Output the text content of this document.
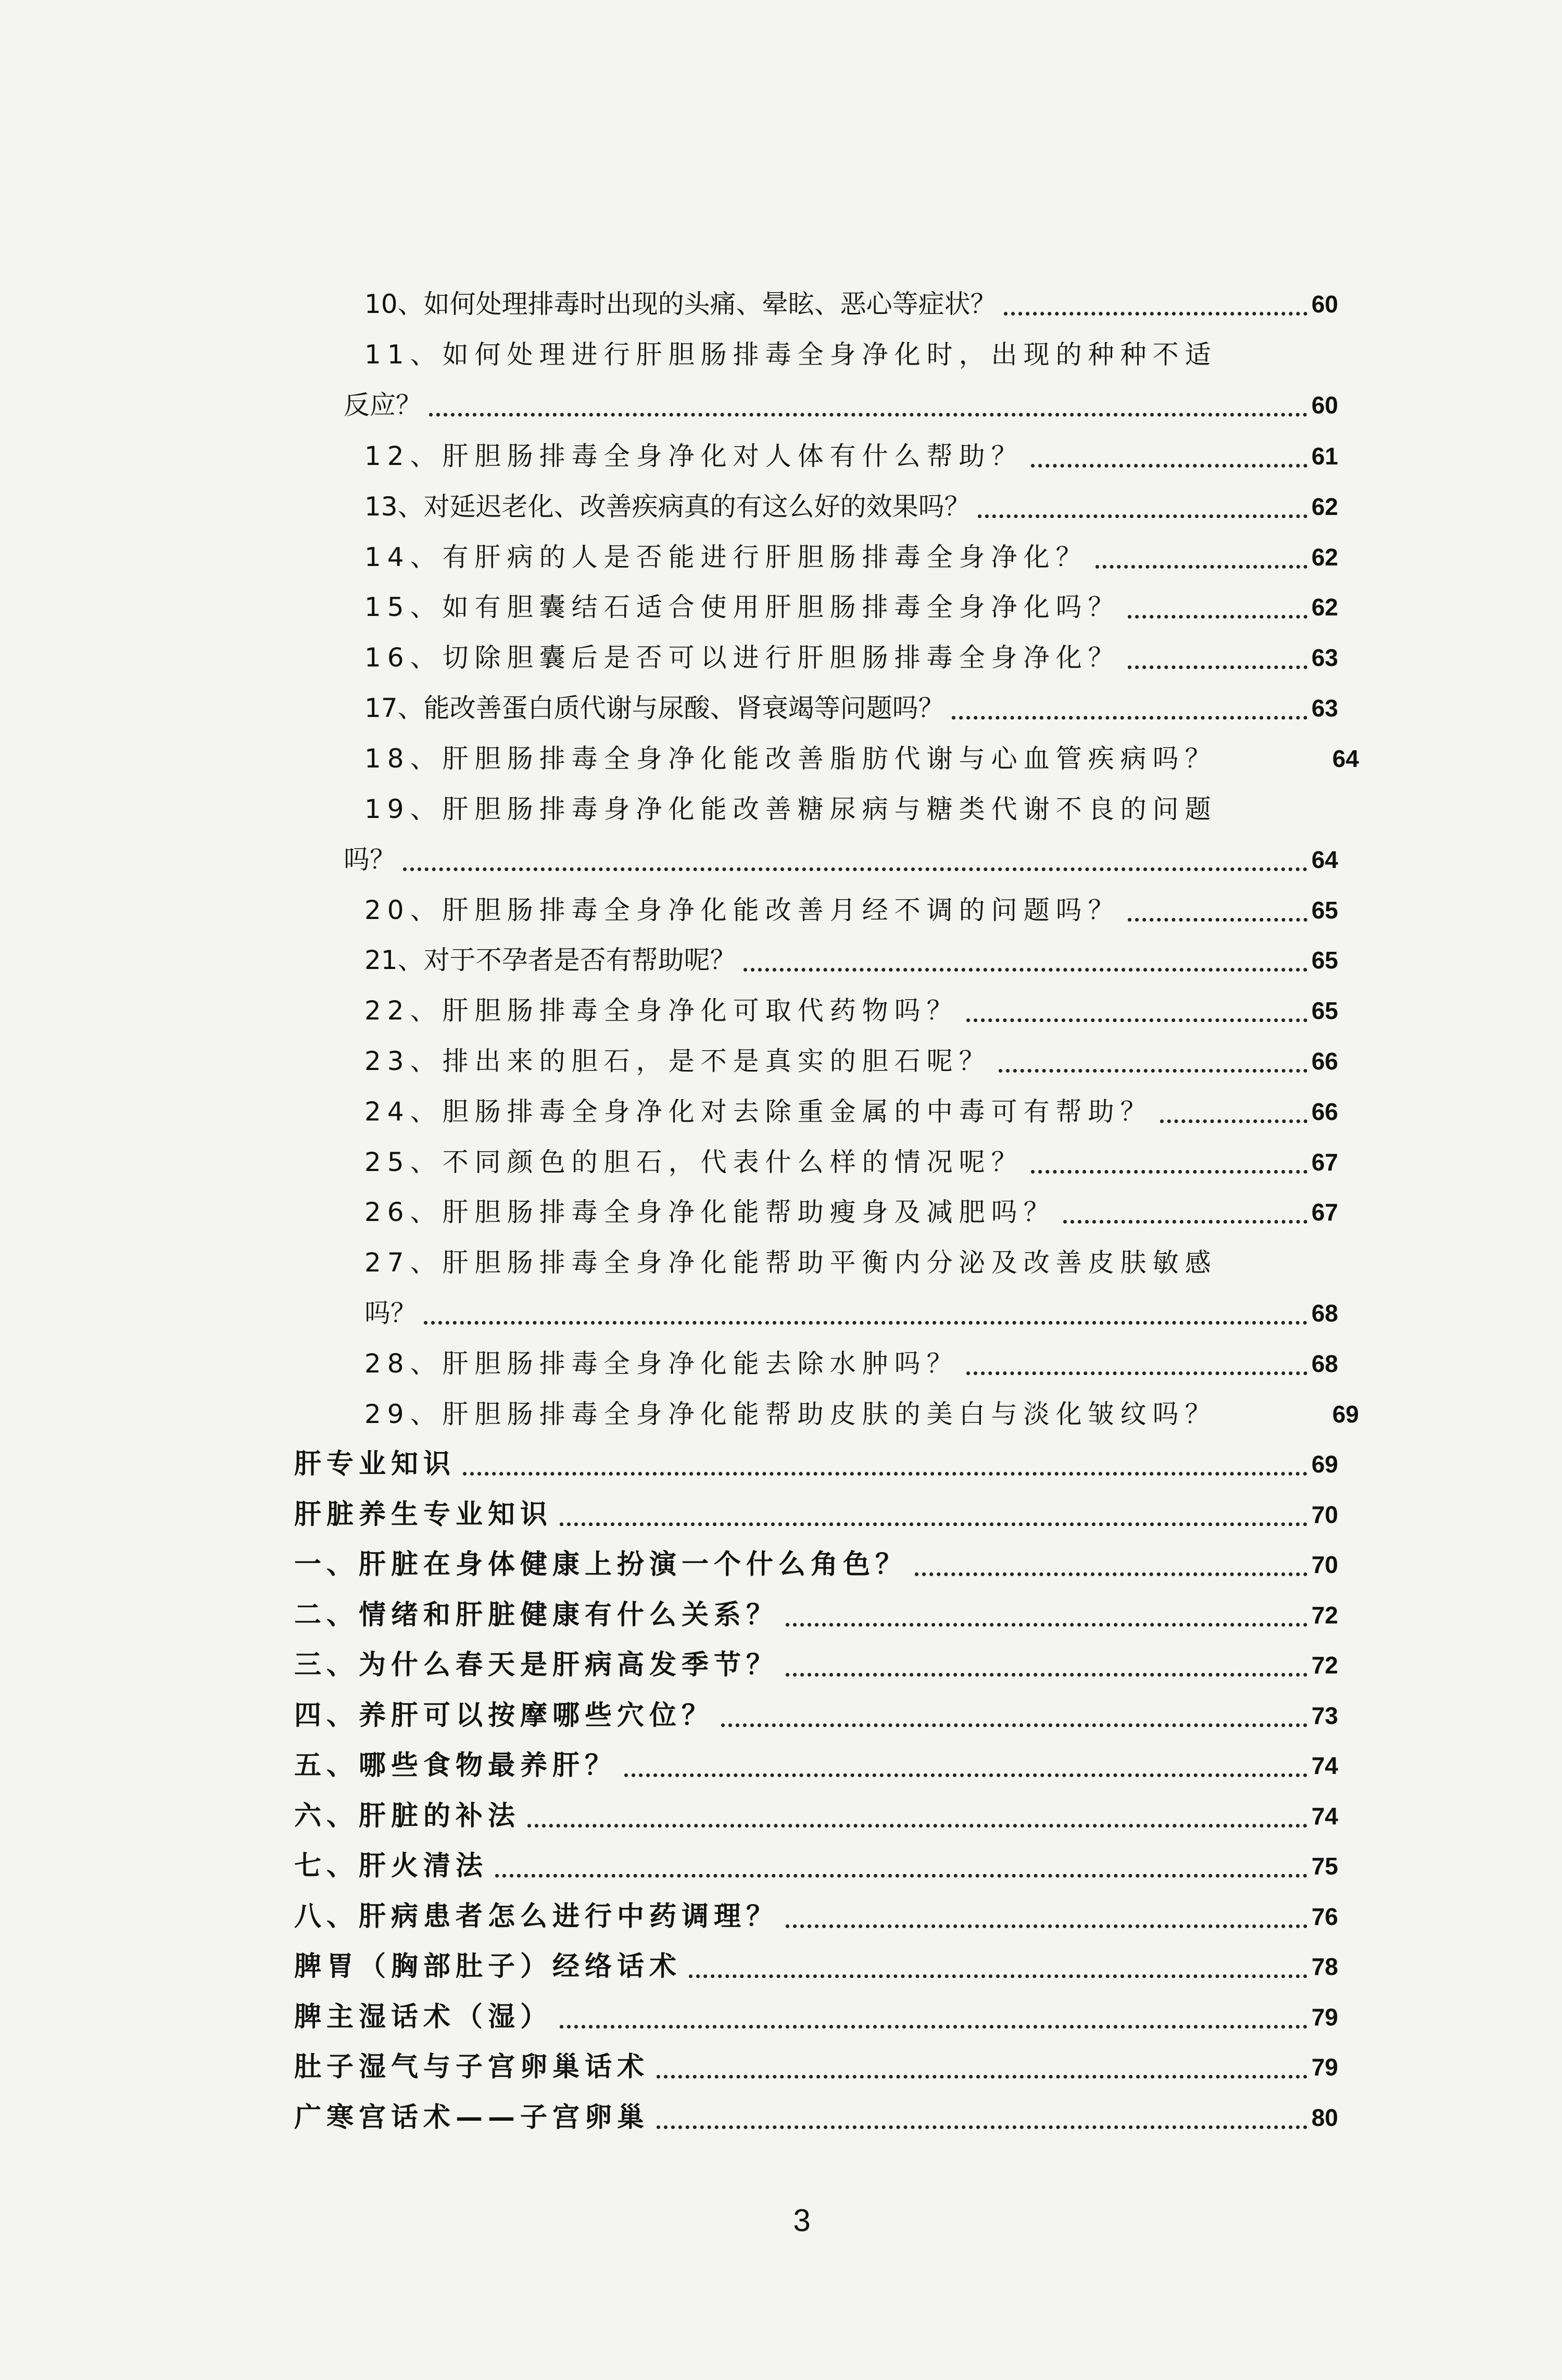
10、如何处理排毒时出现的头痛、晕眩、恶心等症状？	60
11、如何处理进行肝胆肠排毒全身净化时，出现的种种不适
反应？	60
12、肝胆肠排毒全身净化对人体有什么帮助？	61
13、对延迟老化、改善疾病真的有这么好的效果吗？	62
14、有肝病的人是否能进行肝胆肠排毒全身净化？	62
15、如有胆囊结石适合使用肝胆肠排毒全身净化吗？	62
16、切除胆囊后是否可以进行肝胆肠排毒全身净化？	63
17、能改善蛋白质代谢与尿酸、肾衰竭等问题吗？	63
18、肝胆肠排毒全身净化能改善脂肪代谢与心血管疾病吗？	64
19、肝胆肠排毒身净化能改善糖尿病与糖类代谢不良的问题
吗？	64
20、肝胆肠排毒全身净化能改善月经不调的问题吗？	65
21、对于不孕者是否有帮助呢？	65
22、肝胆肠排毒全身净化可取代药物吗？	65
23、排出来的胆石，是不是真实的胆石呢？	66
24、胆肠排毒全身净化对去除重金属的中毒可有帮助？	66
25、不同颜色的胆石，代表什么样的情况呢？	67
26、肝胆肠排毒全身净化能帮助瘦身及减肥吗？	67
27、肝胆肠排毒全身净化能帮助平衡内分泌及改善皮肤敏感
吗？	68
28、肝胆肠排毒全身净化能去除水肿吗？	68
29、肝胆肠排毒全身净化能帮助皮肤的美白与淡化皱纹吗？	69
肝专业知识	69
肝脏养生专业知识	70
一、肝脏在身体健康上扮演一个什么角色？	70
二、情绪和肝脏健康有什么关系？	72
三、为什么春天是肝病高发季节？	72
四、养肝可以按摩哪些穴位？	73
五、哪些食物最养肝？	74
六、肝脏的补法	74
七、肝火清法	75
八、肝病患者怎么进行中药调理？	76
脾胃（胸部肚子）经络话术	78
脾主湿话术（湿）	79
肚子湿气与子宫卵巢话术	79
广寒宫话术——子宫卵巢	80
3
